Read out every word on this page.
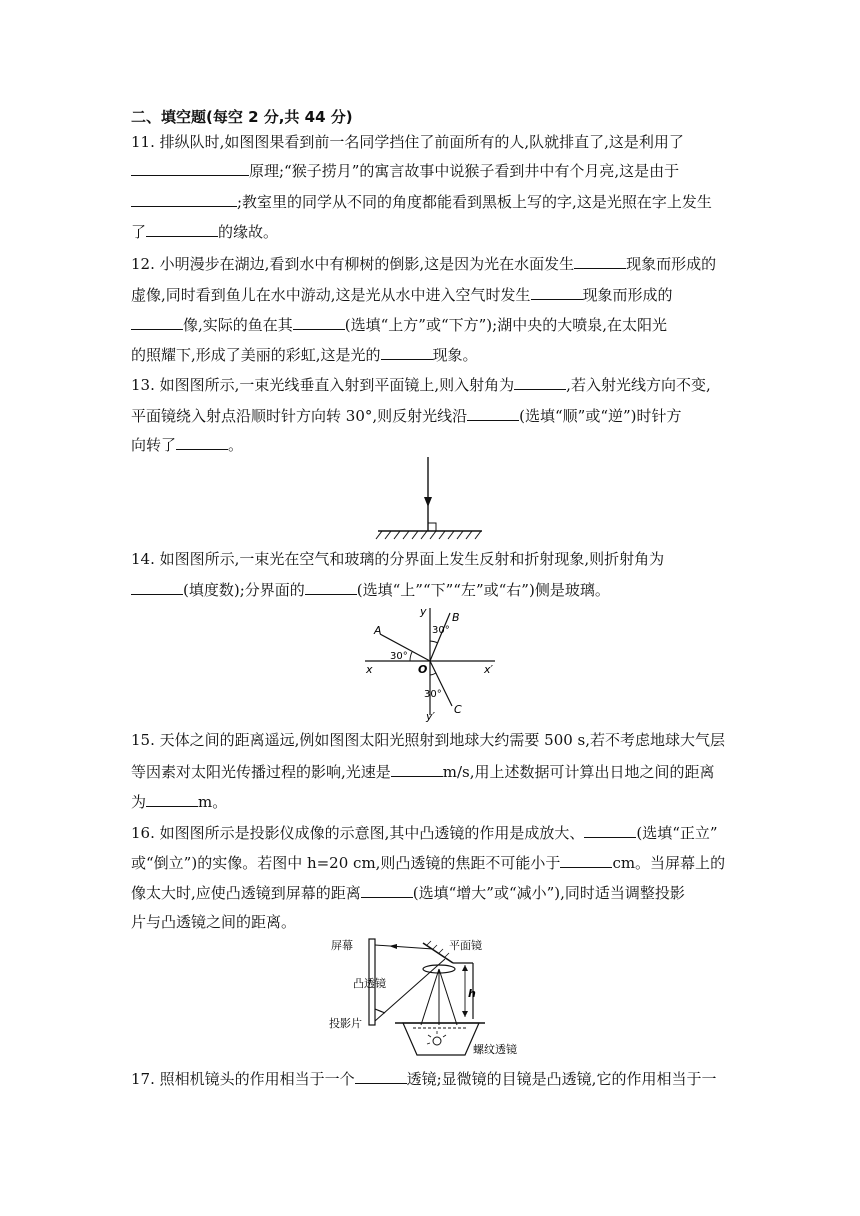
二、填空题(每空 2 分,共 44 分)
11. 排纵队时,如图图果看到前一名同学挡住了前面所有的人,队就排直了,这是利用了
原理;“猴子捞月”的寓言故事中说猴子看到井中有个月亮,这是由于
;教室里的同学从不同的角度都能看到黑板上写的字,这是光照在字上发生
了	的缘故。
12. 小明漫步在湖边,看到水中有柳树的倒影,这是因为光在水面发生	现象而形成的
虚像,同时看到鱼儿在水中游动,这是光从水中进入空气时发生	现象而形成的
像,实际的鱼在其	(选填“上方”或“下方”);湖中央的大喷泉,在太阳光
的照耀下,形成了美丽的彩虹,这是光的	现象。
13. 如图图所示,一束光线垂直入射到平面镜上,则入射角为	,若入射光线方向不变,
平面镜绕入射点沿顺时针方向转 30°,则反射光线沿	(选填“顺”或“逆”)时针方
向转了	。
14. 如图图所示,一束光在空气和玻璃的分界面上发生反射和折射现象,则折射角为
(填度数);分界面的	(选填“上”“下”“左”或“右”)侧是玻璃。
y B
30°
A
30°
x	O	x′
30°
C
y′
15. 天体之间的距离遥远,例如图图太阳光照射到地球大约需要 500 s,若不考虑地球大气层
等因素对太阳光传播过程的影响,光速是	m/s,用上述数据可计算出日地之间的距离
为	m。
16. 如图图所示是投影仪成像的示意图,其中凸透镜的作用是成放大、	(选填“正立”
或“倒立”)的实像。若图中 h=20 cm,则凸透镜的焦距不可能小于	cm。当屏幕上的
像太大时,应使凸透镜到屏幕的距离	(选填“增大”或“减小”),同时适当调整投影
片与凸透镜之间的距离。
屏幕	平面镜
凸透镜
h
投影片
螺纹透镜
17. 照相机镜头的作用相当于一个	透镜;显微镜的目镜是凸透镜,它的作用相当于一
